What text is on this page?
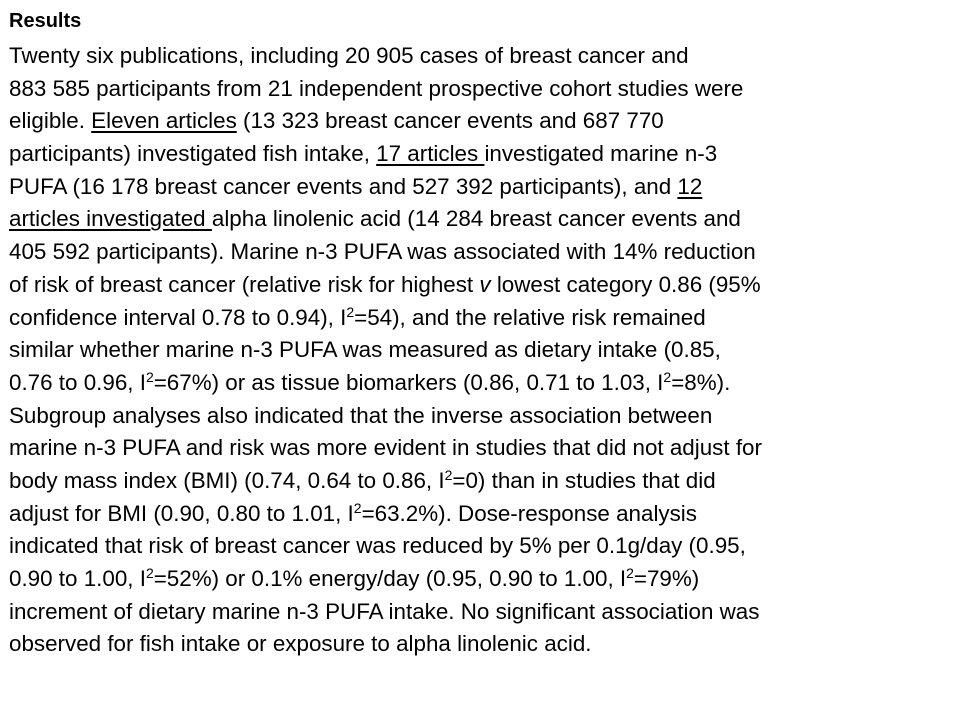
Results
Twenty six publications, including 20 905 cases of breast cancer and
883 585 participants from 21 independent prospective cohort studies were
eligible. Eleven articles (13 323 breast cancer events and 687 770
participants) investigated fish intake, 17 articles investigated marine n-3
PUFA (16 178 breast cancer events and 527 392 participants), and 12
articles investigated alpha linolenic acid (14 284 breast cancer events and
405 592 participants). Marine n-3 PUFA was associated with 14% reduction
of risk of breast cancer (relative risk for highest v lowest category 0.86 (95%
confidence interval 0.78 to 0.94), $I^2=54$), and the relative risk remained
similar whether marine n-3 PUFA was measured as dietary intake (0.85,
0.76 to 0.96, $I^2=67\%$) or as tissue biomarkers (0.86, 0.71 to 1.03, $I^2=8\%$).
Subgroup analyses also indicated that the inverse association between
marine n-3 PUFA and risk was more evident in studies that did not adjust for
body mass index (BMI) (0.74, 0.64 to 0.86, $I^2=0$) than in studies that did
adjust for BMI (0.90, 0.80 to 1.01, $I^2=63.2\%$). Dose-response analysis
indicated that risk of breast cancer was reduced by 5% per 0.1g/day (0.95,
0.90 to 1.00, $I^2=52\%$) or 0.1% energy/day (0.95, 0.90 to 1.00, $I^2=79\%$)
increment of dietary marine n-3 PUFA intake. No significant association was
observed for fish intake or exposure to alpha linolenic acid.
